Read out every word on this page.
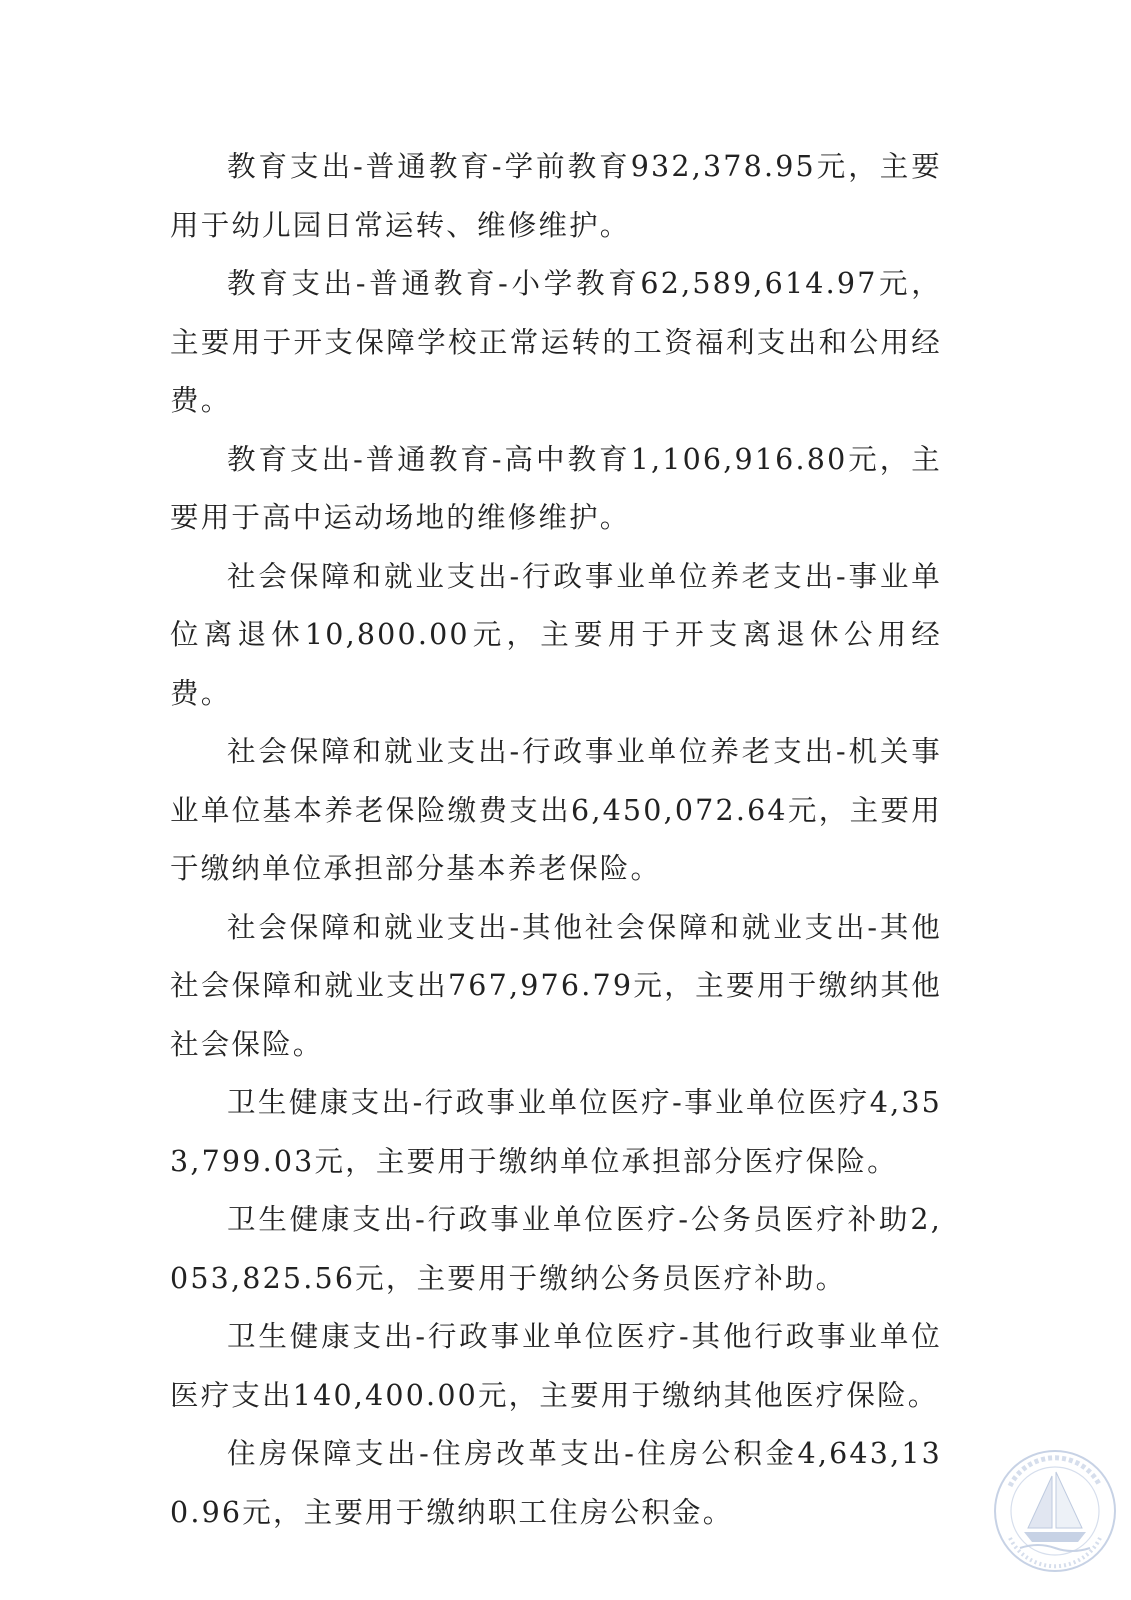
教育支出-普通教育-学前教育932,378.95元，主要用于幼儿园日常运转、维修维护。

教育支出-普通教育-小学教育62,589,614.97元，主要用于开支保障学校正常运转的工资福利支出和公用经费。

教育支出-普通教育-高中教育1,106,916.80元，主要用于高中运动场地的维修维护。

社会保障和就业支出-行政事业单位养老支出-事业单位离退休10,800.00元，主要用于开支离退休公用经费。

社会保障和就业支出-行政事业单位养老支出-机关事业单位基本养老保险缴费支出6,450,072.64元，主要用于缴纳单位承担部分基本养老保险。

社会保障和就业支出-其他社会保障和就业支出-其他社会保障和就业支出767,976.79元，主要用于缴纳其他社会保险。

卫生健康支出-行政事业单位医疗-事业单位医疗4,353,799.03元，主要用于缴纳单位承担部分医疗保险。

卫生健康支出-行政事业单位医疗-公务员医疗补助2,053,825.56元，主要用于缴纳公务员医疗补助。

卫生健康支出-行政事业单位医疗-其他行政事业单位医疗支出140,400.00元，主要用于缴纳其他医疗保险。

住房保障支出-住房改革支出-住房公积金4,643,130.96元，主要用于缴纳职工住房公积金。
